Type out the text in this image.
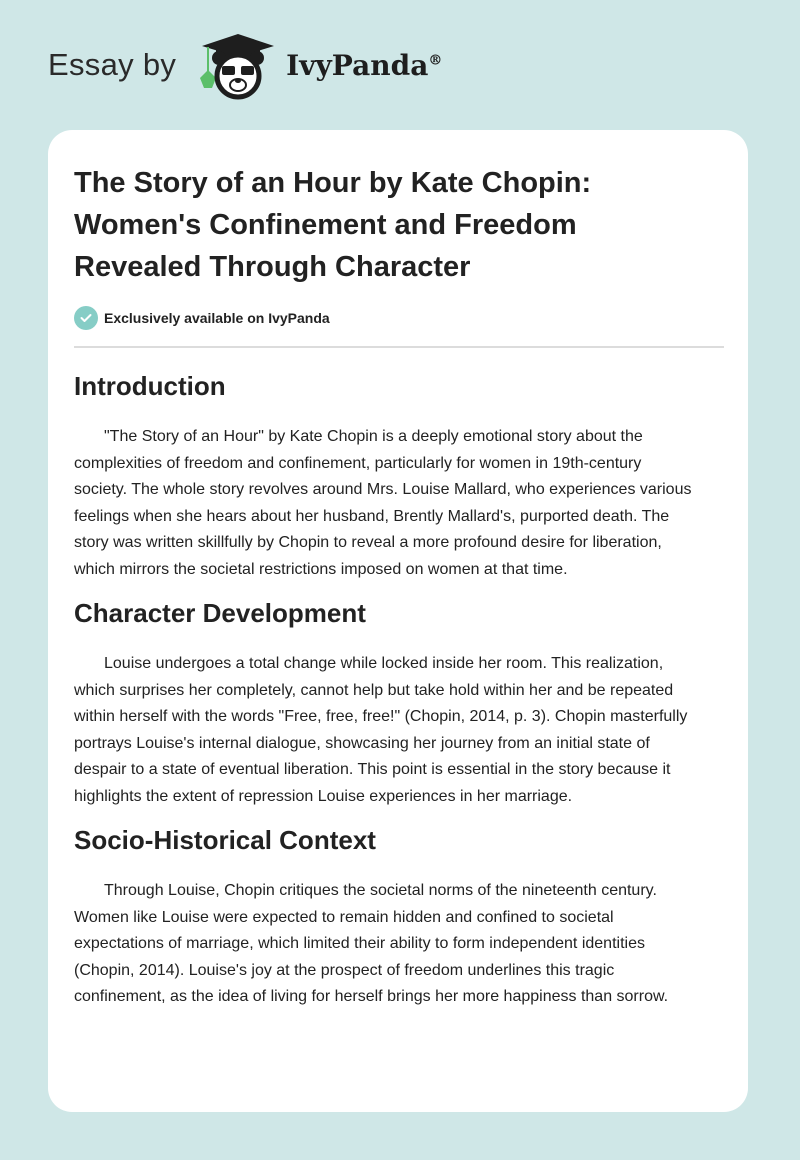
Essay by	IvyPanda®
The Story of an Hour by Kate Chopin:
Women's Confinement and Freedom
Revealed Through Character
Exclusively available on IvyPanda
Introduction
"The Story of an Hour" by Kate Chopin is a deeply emotional story about the
complexities of freedom and confinement, particularly for women in 19th-century
society. The whole story revolves around Mrs. Louise Mallard, who experiences various
feelings when she hears about her husband, Brently Mallard's, purported death. The
story was written skillfully by Chopin to reveal a more profound desire for liberation,
which mirrors the societal restrictions imposed on women at that time.
Character Development
Louise undergoes a total change while locked inside her room. This realization,
which surprises her completely, cannot help but take hold within her and be repeated
within herself with the words "Free, free, free!" (Chopin, 2014, p. 3). Chopin masterfully
portrays Louise's internal dialogue, showcasing her journey from an initial state of
despair to a state of eventual liberation. This point is essential in the story because it
highlights the extent of repression Louise experiences in her marriage.
Socio-Historical Context
Through Louise, Chopin critiques the societal norms of the nineteenth century.
Women like Louise were expected to remain hidden and confined to societal
expectations of marriage, which limited their ability to form independent identities
(Chopin, 2014). Louise's joy at the prospect of freedom underlines this tragic
confinement, as the idea of living for herself brings her more happiness than sorrow.
